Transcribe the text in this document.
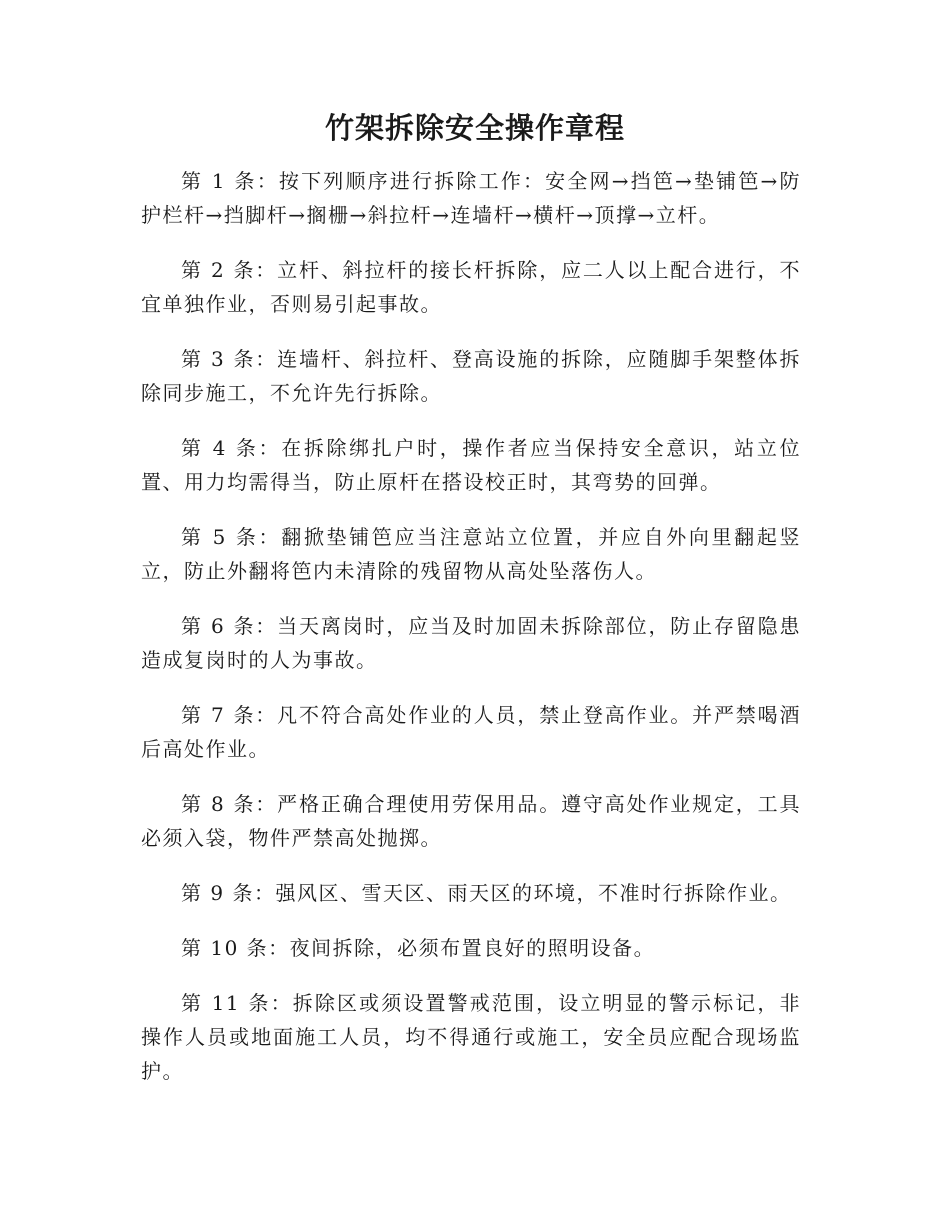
竹架拆除安全操作章程

第 1 条：按下列顺序进行拆除工作：安全网→挡笆→垫铺笆→防护栏杆→挡脚杆→搁栅→斜拉杆→连墙杆→横杆→顶撑→立杆。

第 2 条：立杆、斜拉杆的接长杆拆除，应二人以上配合进行，不宜单独作业，否则易引起事故。

第 3 条：连墙杆、斜拉杆、登高设施的拆除，应随脚手架整体拆除同步施工，不允许先行拆除。

第 4 条：在拆除绑扎户时，操作者应当保持安全意识，站立位置、用力均需得当，防止原杆在搭设校正时，其弯势的回弹。

第 5 条：翻掀垫铺笆应当注意站立位置，并应自外向里翻起竖立，防止外翻将笆内未清除的残留物从高处坠落伤人。

第 6 条：当天离岗时，应当及时加固未拆除部位，防止存留隐患造成复岗时的人为事故。

第 7 条：凡不符合高处作业的人员，禁止登高作业。并严禁喝酒后高处作业。

第 8 条：严格正确合理使用劳保用品。遵守高处作业规定，工具必须入袋，物件严禁高处抛掷。

第 9 条：强风区、雪天区、雨天区的环境，不准时行拆除作业。

第 10 条：夜间拆除，必须布置良好的照明设备。

第 11 条：拆除区或须设置警戒范围，设立明显的警示标记，非操作人员或地面施工人员，均不得通行或施工，安全员应配合现场监护。
